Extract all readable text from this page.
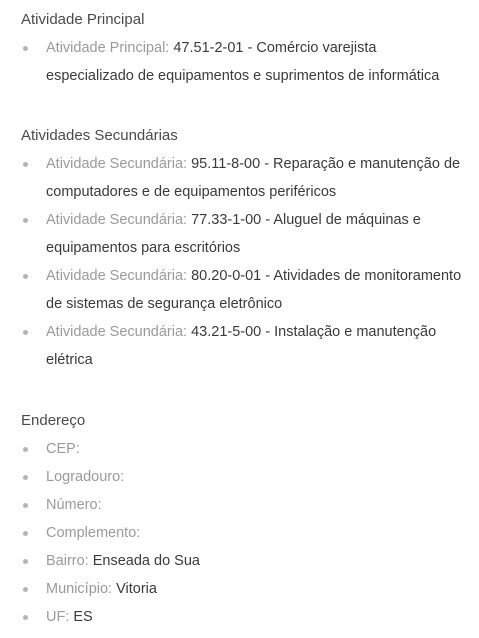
Atividade Principal
Atividade Principal: 47.51-2-01 - Comércio varejista especializado de equipamentos e suprimentos de informática
Atividades Secundárias
Atividade Secundária: 95.11-8-00 - Reparação e manutenção de computadores e de equipamentos periféricos
Atividade Secundária: 77.33-1-00 - Aluguel de máquinas e equipamentos para escritórios
Atividade Secundária: 80.20-0-01 - Atividades de monitoramento de sistemas de segurança eletrônico
Atividade Secundária: 43.21-5-00 - Instalação e manutenção elétrica
Endereço
CEP:
Logradouro:
Número:
Complemento:
Bairro: Enseada do Sua
Município: Vitoria
UF: ES
